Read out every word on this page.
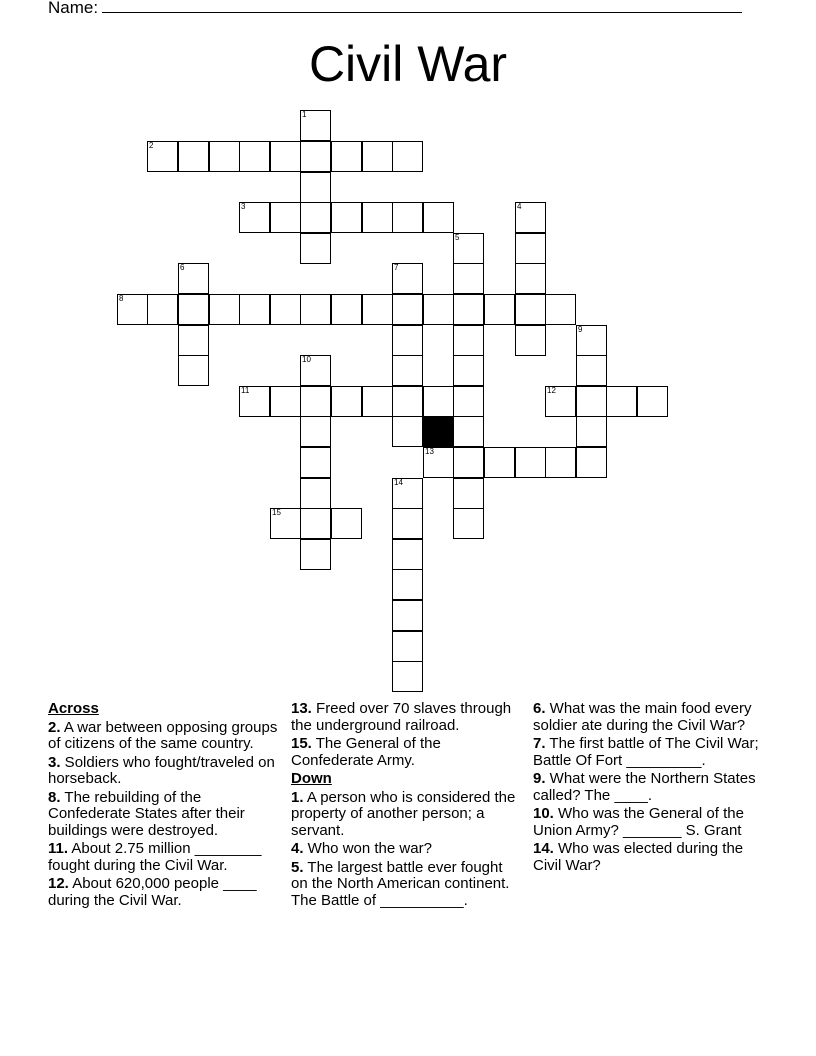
Name:
Civil War
1
2
3	4
5
6	7
8
9
10
11	12
13
14
15
Across
2. A war between opposing groups of citizens of the same country.
3. Soldiers who fought/traveled on horseback.
8. The rebuilding of the Confederate States after their buildings were destroyed.
11. About 2.75 million ________ fought during the Civil War.
12. About 620,000 people ____ during the Civil War.
13. Freed over 70 slaves through the underground railroad.
15. The General of the Confederate Army.
Down
1. A person who is considered the property of another person; a servant.
4. Who won the war?
5. The largest battle ever fought on the North American continent. The Battle of __________.
6. What was the main food every soldier ate during the Civil War?
7. The first battle of The Civil War; Battle Of Fort _________.
9. What were the Northern States called? The ____.
10. Who was the General of the Union Army? _______ S. Grant
14. Who was elected during the Civil War?
